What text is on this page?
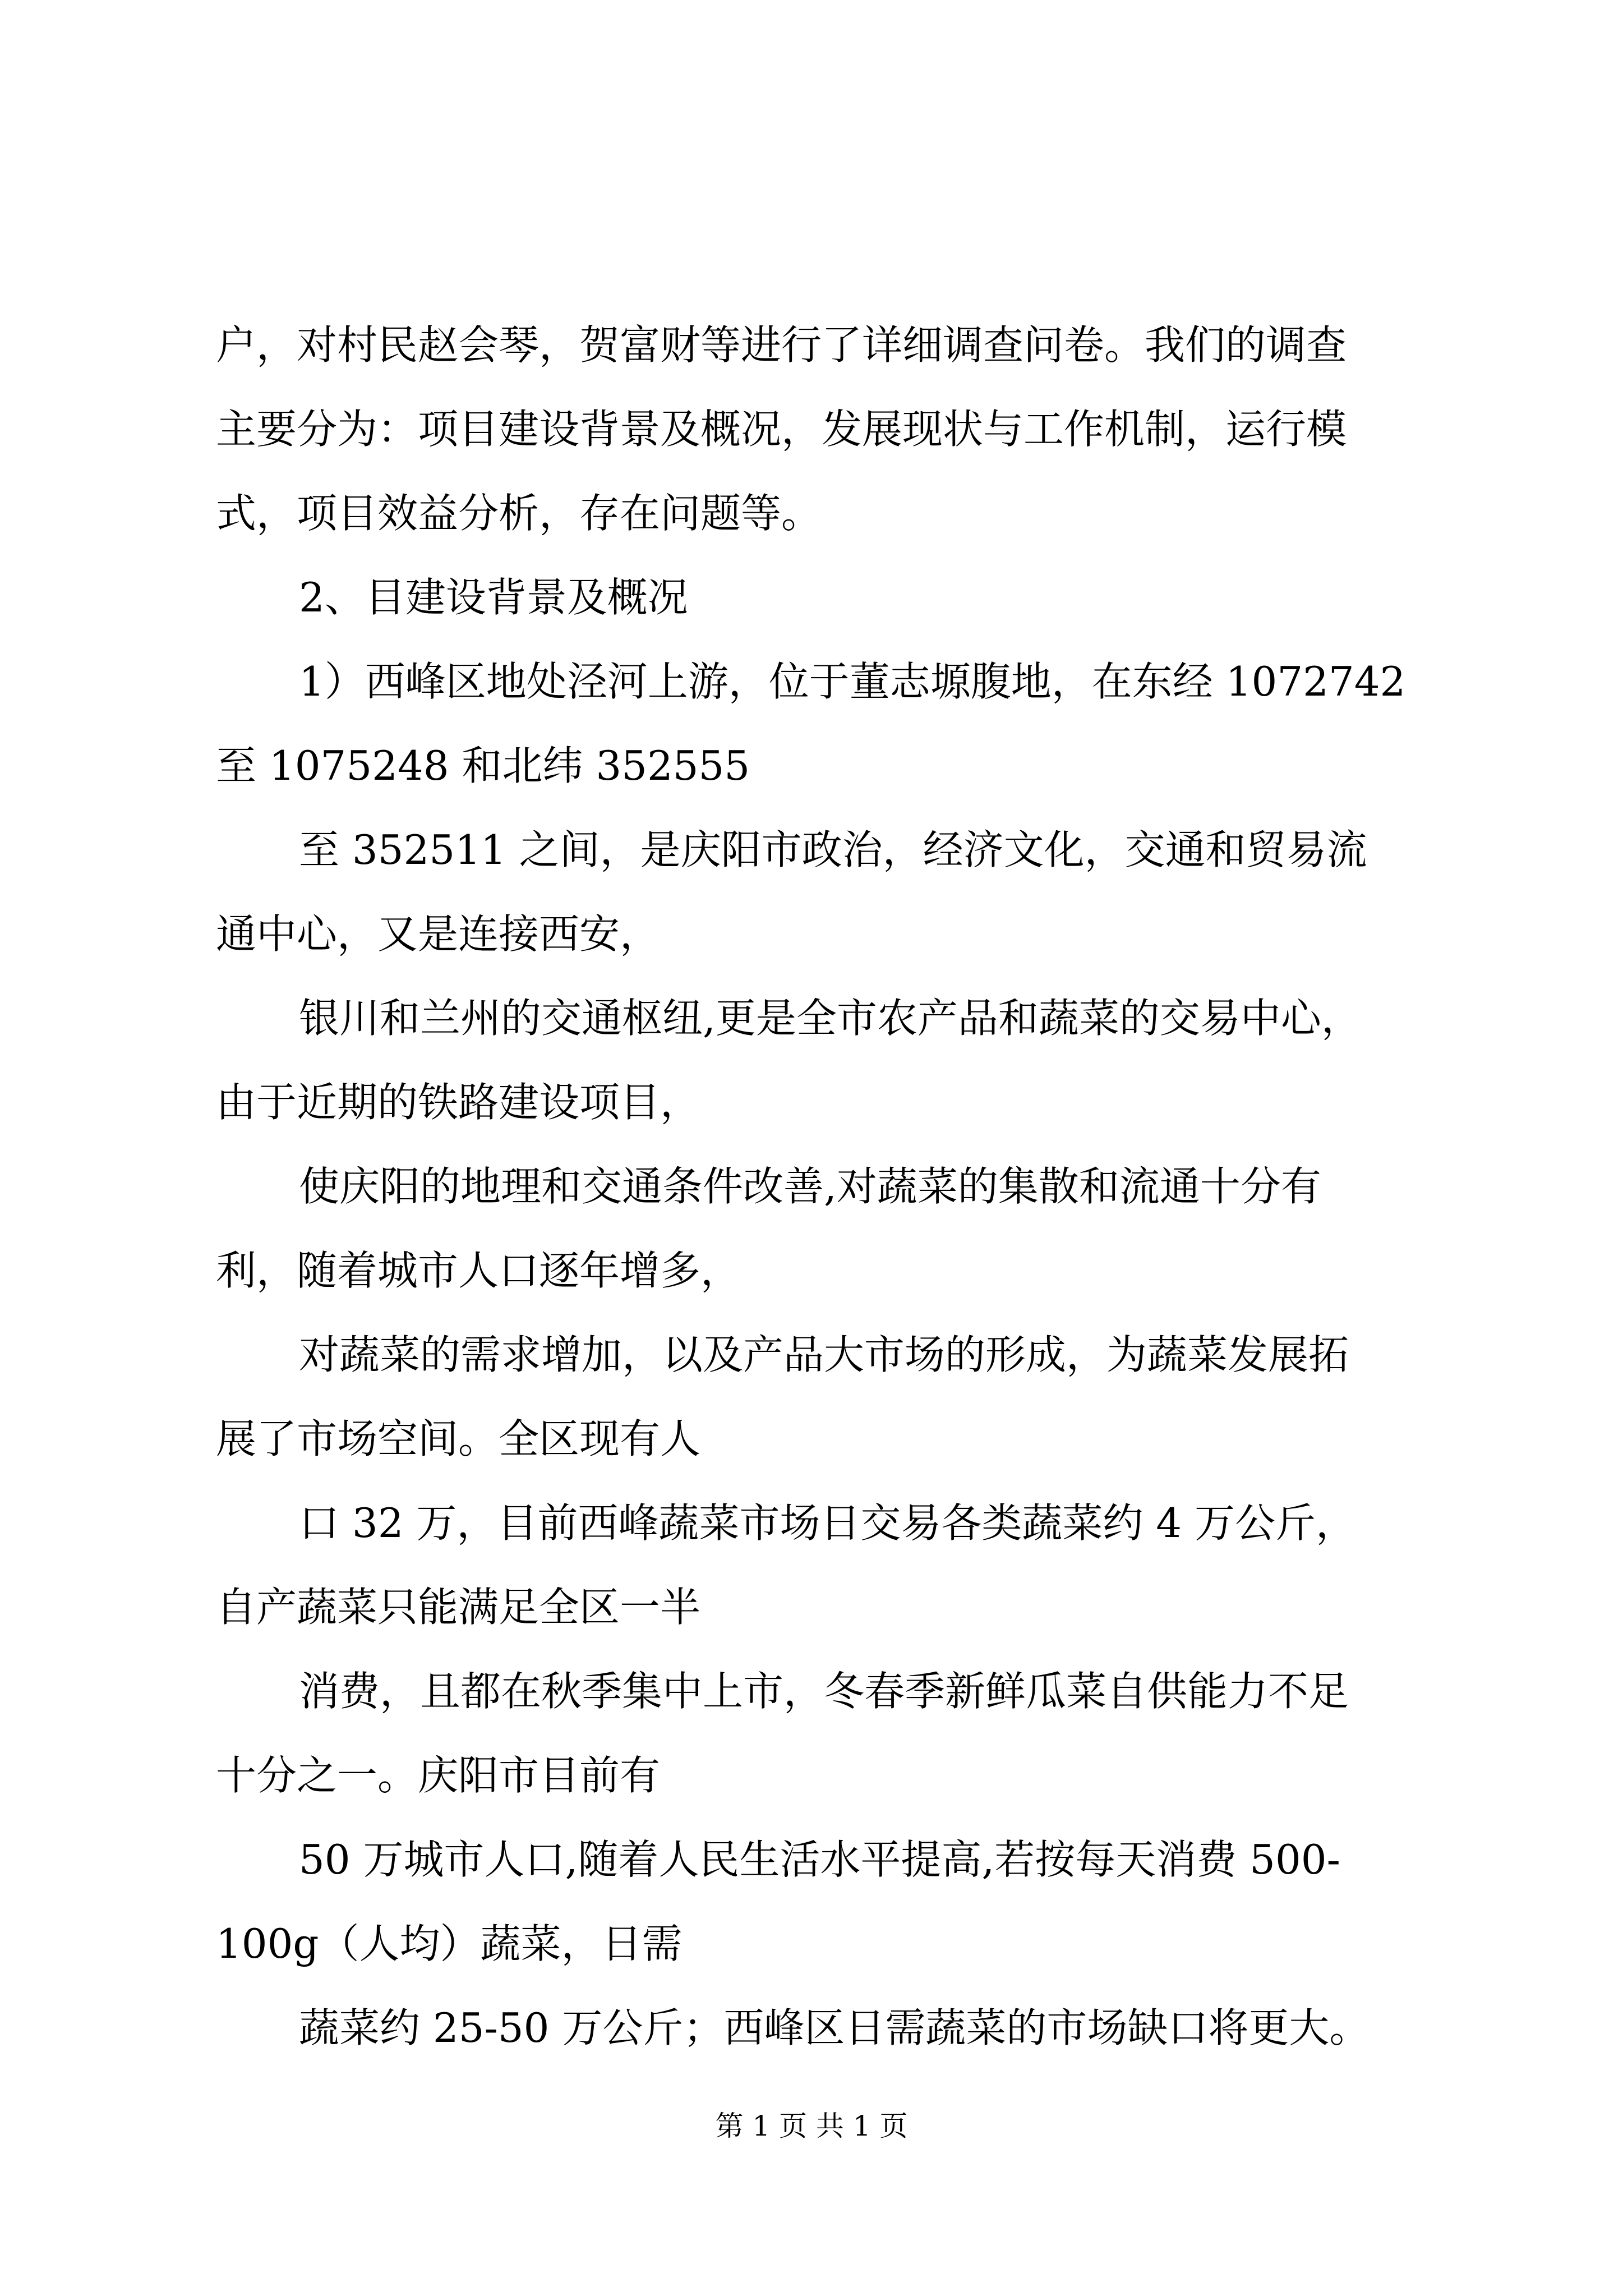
户，对村民赵会琴，贺富财等进行了详细调查问卷。我们的调查
主要分为：项目建设背景及概况，发展现状与工作机制，运行模
式，项目效益分析，存在问题等。
2、目建设背景及概况
1）西峰区地处泾河上游，位于董志塬腹地，在东经 1072742
至 1075248 和北纬 352555
至 352511 之间，是庆阳市政治，经济文化，交通和贸易流
通中心，又是连接西安，
银川和兰州的交通枢纽,更是全市农产品和蔬菜的交易中心，
由于近期的铁路建设项目，
使庆阳的地理和交通条件改善,对蔬菜的集散和流通十分有
利，随着城市人口逐年增多，
对蔬菜的需求增加，以及产品大市场的形成，为蔬菜发展拓
展了市场空间。全区现有人
口 32 万，目前西峰蔬菜市场日交易各类蔬菜约 4 万公斤，
自产蔬菜只能满足全区一半
消费，且都在秋季集中上市，冬春季新鲜瓜菜自供能力不足
十分之一。庆阳市目前有
50 万城市人口,随着人民生活水平提高,若按每天消费 500-
100g（人均）蔬菜，日需
蔬菜约 25-50 万公斤；西峰区日需蔬菜的市场缺口将更大。
第 1 页 共 1 页
